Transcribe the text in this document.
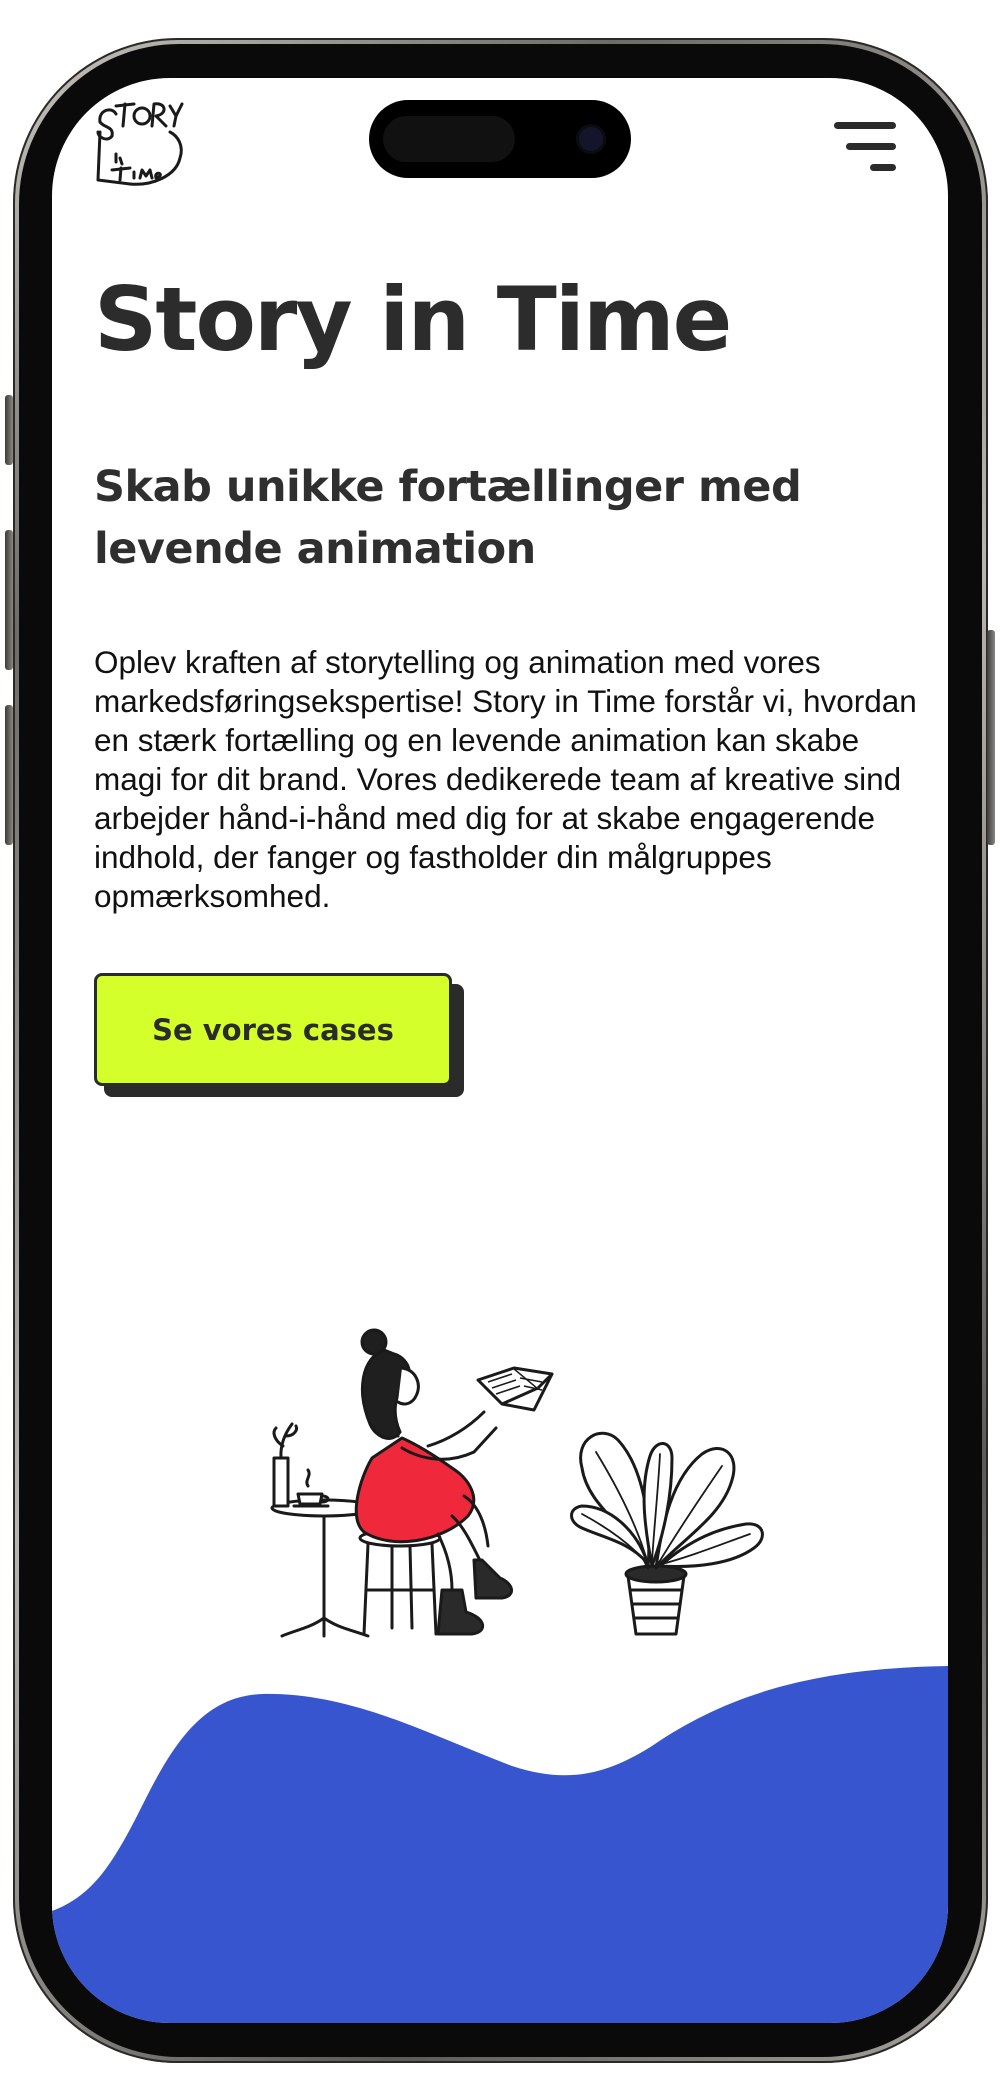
Story in Time
Skab unikke fortællinger med levende animation

Oplev kraften af storytelling og animation med vores markedsføringsekspertise! Story in Time forstår vi, hvordan en stærk fortælling og en levende animation kan skabe magi for dit brand. Vores dedikerede team af kreative sind arbejder hånd-i-hånd med dig for at skabe engagerende indhold, der fanger og fastholder din målgruppes opmærksomhed.

Se vores cases
